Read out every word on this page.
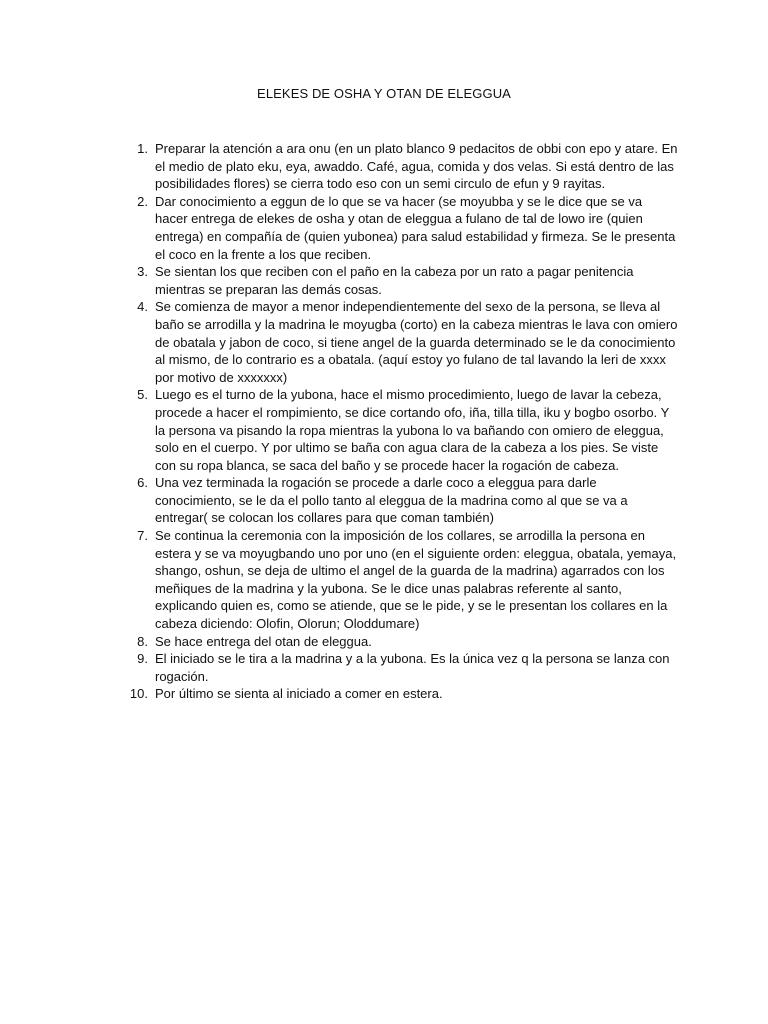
ELEKES DE OSHA Y OTAN DE ELEGGUA
1. Preparar la atención a ara onu (en un plato blanco 9 pedacitos de obbi con epo y atare. En el medio de plato eku, eya, awaddo. Café, agua, comida y dos velas. Si está dentro de las posibilidades flores) se cierra todo eso con un semi circulo de efun y 9 rayitas.
2. Dar conocimiento a eggun de lo que se va hacer (se moyubba y se le dice que se va hacer entrega de elekes de osha y otan de eleggua a fulano de tal de lowo ire (quien entrega) en compañía de (quien yubonea) para salud estabilidad y firmeza. Se le presenta el coco en la frente a los que reciben.
3. Se sientan los que reciben con el paño en la cabeza por un rato a pagar penitencia mientras se preparan las demás cosas.
4. Se comienza de mayor a menor independientemente del sexo de la persona, se lleva al baño se arrodilla y la madrina le moyugba (corto) en la cabeza mientras le lava con omiero de obatala y jabon de coco, si tiene angel de la guarda determinado se le da conocimiento al mismo, de lo contrario es a obatala. (aquí estoy yo fulano de tal lavando la leri de xxxx por motivo de xxxxxxx)
5. Luego es el turno de la yubona, hace el mismo procedimiento, luego de lavar la cebeza, procede a hacer el rompimiento, se dice cortando ofo, iña, tilla tilla, iku y bogbo osorbo. Y la persona va pisando la ropa mientras la yubona lo va bañando con omiero de eleggua, solo en el cuerpo. Y por ultimo se baña con agua clara de la cabeza a los pies. Se viste con su ropa blanca, se saca del baño y se procede hacer la rogación de cabeza.
6. Una vez terminada la rogación se procede a darle coco a eleggua para darle conocimiento, se le da el pollo tanto al eleggua de la madrina como al que se va a entregar( se colocan los collares para que coman también)
7. Se continua la ceremonia con la imposición de los collares, se arrodilla la persona en estera y se va moyugbando uno por uno (en el siguiente orden: eleggua, obatala, yemaya, shango, oshun, se deja de ultimo el angel de la guarda de la madrina) agarrados con los meñiques de la madrina y la yubona. Se le dice unas palabras referente al santo, explicando quien es, como se atiende, que se le pide, y se le presentan los collares en la cabeza diciendo: Olofin, Olorun; Oloddumare)
8. Se hace entrega del otan de eleggua.
9. El iniciado se le tira a la madrina y a la yubona. Es la única vez q la persona se lanza con rogación.
10. Por último se sienta al iniciado a comer en estera.
